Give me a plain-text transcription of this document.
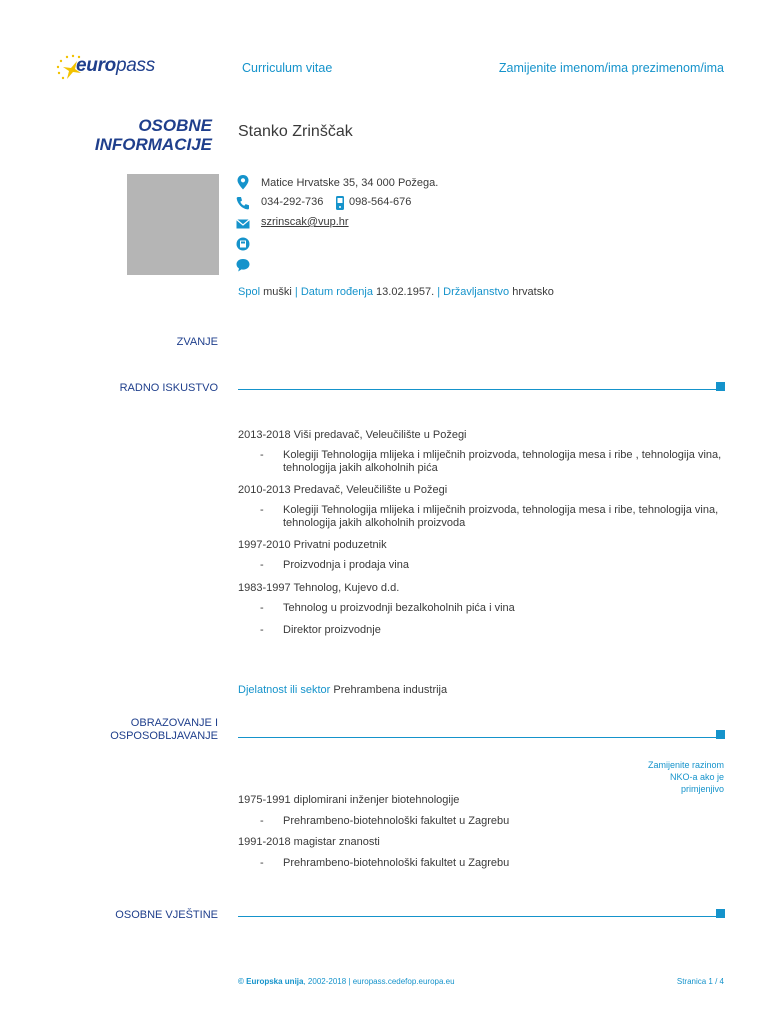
europass	Curriculum vitae	Zamijenite imenom/ima prezimenom/ima
OSOBNE
INFORMACIJE
Stanko Zrinščak
Matice Hrvatske 35, 34 000 Požega.
034-292-736 098-564-676
szrinscak@vup.hr
Spol muški | Datum rođenja 13.02.1957. | Državljanstvo hrvatsko
ZVANJE
RADNO ISKUSTVO
2013-2018 Viši predavač, Veleučilište u Požegi
- Kolegiji Tehnologija mlijeka i mliječnih proizvoda, tehnologija mesa i ribe , tehnologija vina,
tehnologija jakih alkoholnih pića
2010-2013 Predavač, Veleučilište u Požegi
- Kolegiji Tehnologija mlijeka i mliječnih proizvoda, tehnologija mesa i ribe, tehnologija vina,
tehnologija jakih alkoholnih proizvoda
1997-2010 Privatni poduzetnik
- Proizvodnja i prodaja vina
1983-1997 Tehnolog, Kujevo d.d.
- Tehnolog u proizvodnji bezalkoholnih pića i vina
- Direktor proizvodnje
Djelatnost ili sektor Prehrambena industrija
OBRAZOVANJE I
OSPOSOBLJAVANJE
Zamijenite razinom
NKO-a ako je
primjenjivo
1975-1991 diplomirani inženjer biotehnologije
- Prehrambeno-biotehnološki fakultet u Zagrebu
1991-2018 magistar znanosti
- Prehrambeno-biotehnološki fakultet u Zagrebu
OSOBNE VJEŠTINE
© Europska unija, 2002-2018 | europass.cedefop.europa.eu	Stranica 1 / 4
